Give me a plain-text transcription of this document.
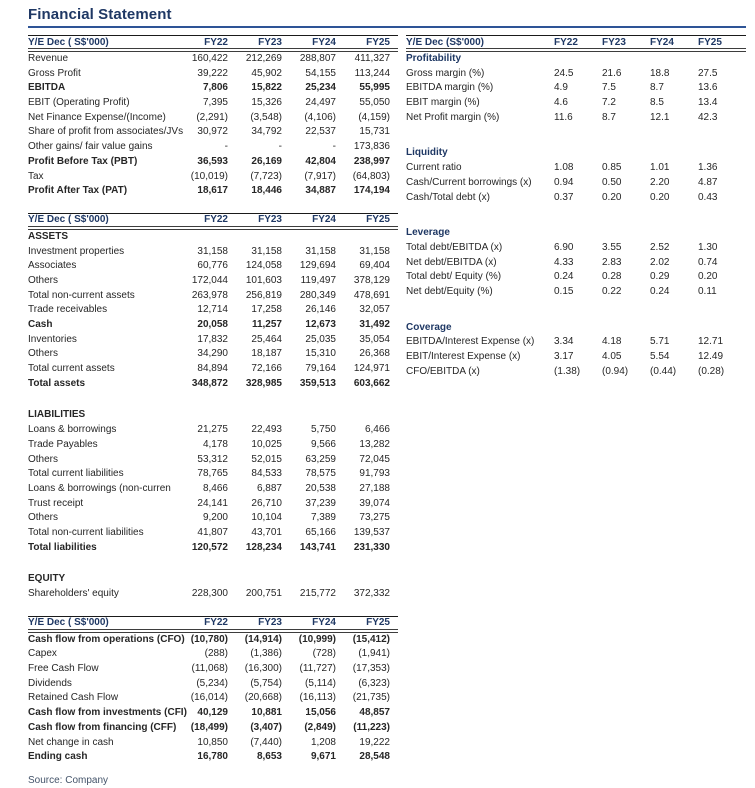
Financial Statement
Y/E Dec ( S$'000)	FY22	FY23	FY24	FY25
Revenue	160,422	212,269	288,807	411,327
Gross Profit	39,222	45,902	54,155	113,244
EBITDA	7,806	15,822	25,234	55,995
EBIT (Operating Profit)	7,395	15,326	24,497	55,050
Net Finance Expense/(Income)	(2,291)	(3,548)	(4,106)	(4,159)
Share of profit from associates/JVs	30,972	34,792	22,537	15,731
Other gains/ fair value gains	-	-	-	173,836
Profit Before Tax (PBT)	36,593	26,169	42,804	238,997
Tax	(10,019)	(7,723)	(7,917)	(64,803)
Profit After Tax (PAT)	18,617	18,446	34,887	174,194
Y/E Dec ( S$'000)	FY22	FY23	FY24	FY25
ASSETS
Investment properties	31,158	31,158	31,158	31,158
Associates	60,776	124,058	129,694	69,404
Others	172,044	101,603	119,497	378,129
Total non-current assets	263,978	256,819	280,349	478,691
Trade receivables	12,714	17,258	26,146	32,057
Cash	20,058	11,257	12,673	31,492
Inventories	17,832	25,464	25,035	35,054
Others	34,290	18,187	15,310	26,368
Total current assets	84,894	72,166	79,164	124,971
Total assets	348,872	328,985	359,513	603,662
LIABILITIES
Loans & borrowings	21,275	22,493	5,750	6,466
Trade Payables	4,178	10,025	9,566	13,282
Others	53,312	52,015	63,259	72,045
Total current liabilities	78,765	84,533	78,575	91,793
Loans & borrowings (non-curren	8,466	6,887	20,538	27,188
Trust receipt	24,141	26,710	37,239	39,074
Others	9,200	10,104	7,389	73,275
Total non-current liabilities	41,807	43,701	65,166	139,537
Total liabilities	120,572	128,234	143,741	231,330
EQUITY
Shareholders' equity	228,300	200,751	215,772	372,332
Y/E Dec ( S$'000)	FY22	FY23	FY24	FY25
Cash flow from operations (CFO) (10,780)	(14,914)	(10,999)	(15,412)
Capex	(288)	(1,386)	(728)	(1,941)
Free Cash Flow	(11,068)	(16,300)	(11,727)	(17,353)
Dividends	(5,234)	(5,754)	(5,114)	(6,323)
Retained Cash Flow	(16,014)	(20,668)	(16,113)	(21,735)
Cash flow from investments (CFI)	40,129	10,881	15,056	48,857
Cash flow from financing (CFF)	(18,499)	(3,407)	(2,849)	(11,223)
Net change in cash	10,850	(7,440)	1,208	19,222
Ending cash	16,780	8,653	9,671	28,548
Source: Company
Y/E Dec (S$'000)	FY22	FY23	FY24	FY25
Profitability
Gross margin (%)	24.5	21.6	18.8	27.5
EBITDA margin (%)	4.9	7.5	8.7	13.6
EBIT margin (%)	4.6	7.2	8.5	13.4
Net Profit margin (%)	11.6	8.7	12.1	42.3
Liquidity
Current ratio	1.08	0.85	1.01	1.36
Cash/Current borrowings (x)	0.94	0.50	2.20	4.87
Cash/Total debt (x)	0.37	0.20	0.20	0.43
Leverage
Total debt/EBITDA (x)	6.90	3.55	2.52	1.30
Net debt/EBITDA (x)	4.33	2.83	2.02	0.74
Total debt/ Equity (%)	0.24	0.28	0.29	0.20
Net debt/Equity (%)	0.15	0.22	0.24	0.11
Coverage
EBITDA/Interest Expense (x)	3.34	4.18	5.71	12.71
EBIT/Interest Expense (x)	3.17	4.05	5.54	12.49
CFO/EBITDA (x)	(1.38)	(0.94)	(0.44)	(0.28)
